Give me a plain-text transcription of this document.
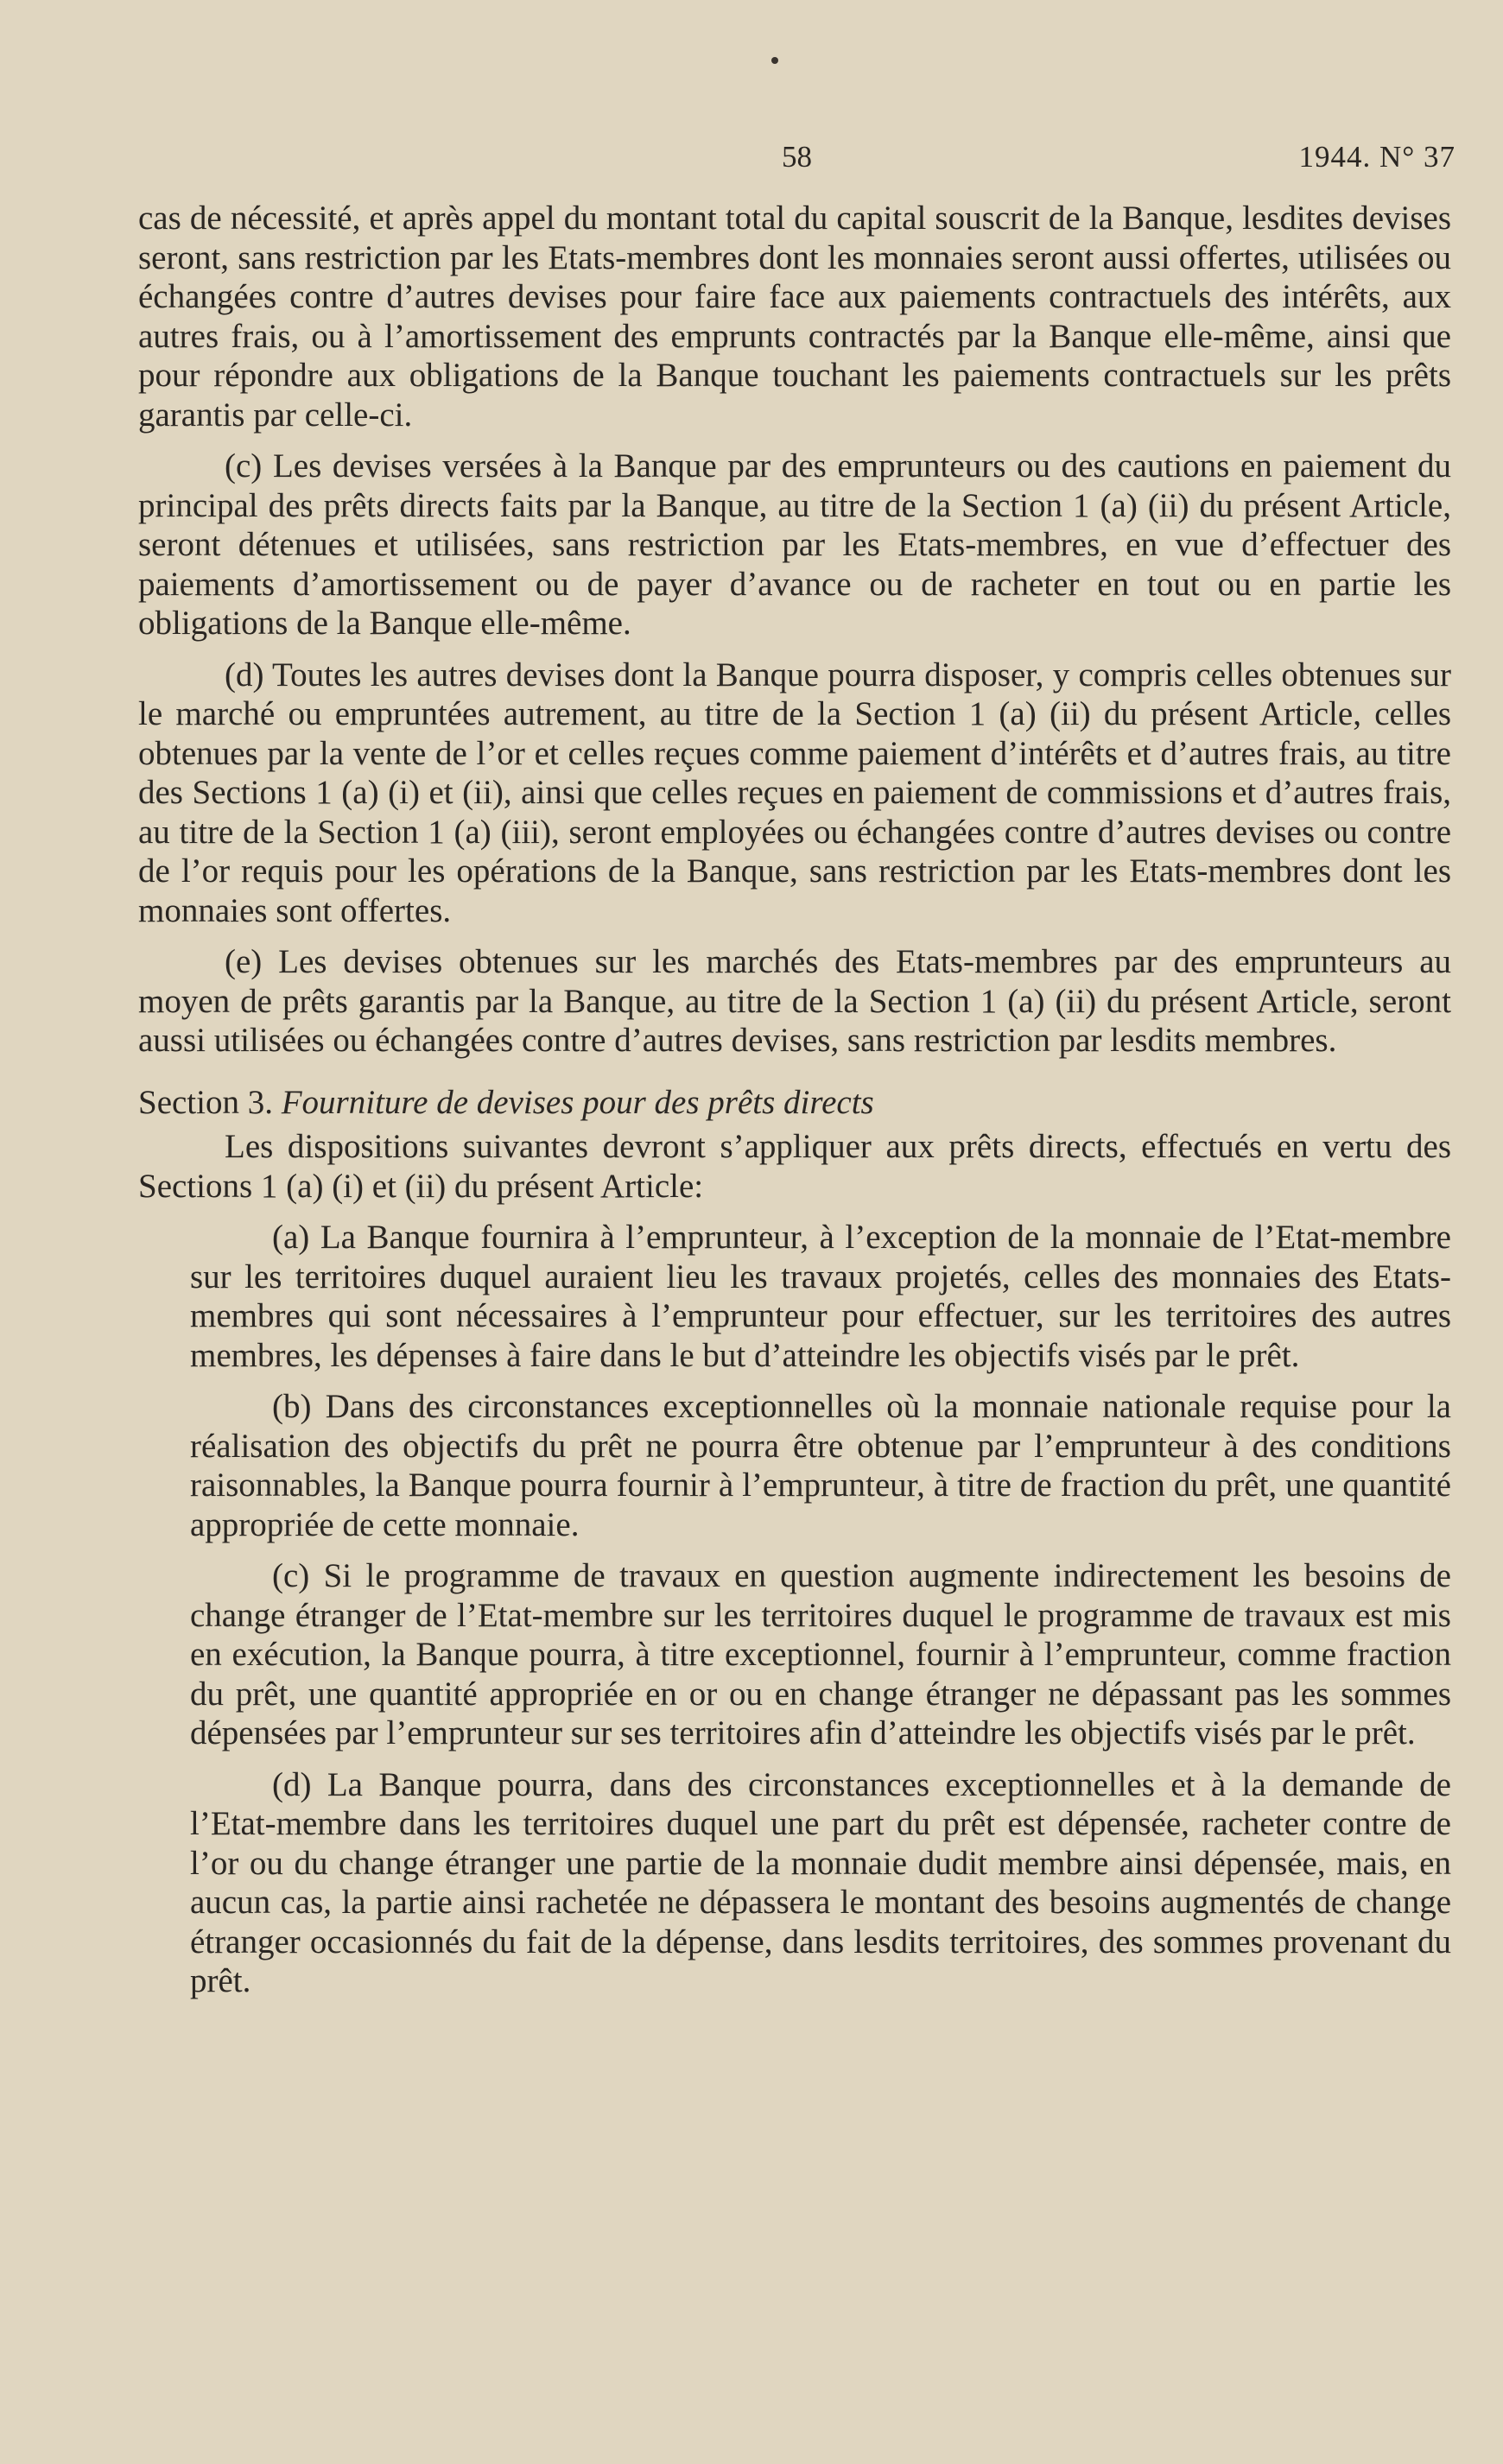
58	1944. N° 37

cas de nécessité, et après appel du montant total du capital souscrit de la Banque, lesdites devises seront, sans restriction par les Etats-membres dont les monnaies seront aussi offertes, utilisées ou échangées contre d’autres devises pour faire face aux paiements contractuels des intérêts, aux autres frais, ou à l’amortissement des emprunts contractés par la Banque elle-même, ainsi que pour répondre aux obligations de la Banque touchant les paiements contractuels sur les prêts garantis par celle-ci.

(c) Les devises versées à la Banque par des emprunteurs ou des cautions en paiement du principal des prêts directs faits par la Banque, au titre de la Section 1 (a) (ii) du présent Article, seront détenues et utilisées, sans restriction par les Etats-membres, en vue d’effectuer des paiements d’amortissement ou de payer d’avance ou de racheter en tout ou en partie les obligations de la Banque elle-même.

(d) Toutes les autres devises dont la Banque pourra disposer, y compris celles obtenues sur le marché ou empruntées autrement, au titre de la Section 1 (a) (ii) du présent Article, celles obtenues par la vente de l’or et celles reçues comme paiement d’intérêts et d’autres frais, au titre des Sections 1 (a) (i) et (ii), ainsi que celles reçues en paiement de commissions et d’autres frais, au titre de la Section 1 (a) (iii), seront employées ou échangées contre d’autres devises ou contre de l’or requis pour les opérations de la Banque, sans restriction par les Etats-membres dont les monnaies sont offertes.

(e) Les devises obtenues sur les marchés des Etats-membres par des emprunteurs au moyen de prêts garantis par la Banque, au titre de la Section 1 (a) (ii) du présent Article, seront aussi utilisées ou échangées contre d’autres devises, sans restriction par lesdits membres.

Section 3. Fourniture de devises pour des prêts directs

Les dispositions suivantes devront s’appliquer aux prêts directs, effectués en vertu des Sections 1 (a) (i) et (ii) du présent Article:

(a) La Banque fournira à l’emprunteur, à l’exception de la monnaie de l’Etat-membre sur les territoires duquel auraient lieu les travaux projetés, celles des monnaies des Etats-membres qui sont nécessaires à l’emprunteur pour effectuer, sur les territoires des autres membres, les dépenses à faire dans le but d’atteindre les objectifs visés par le prêt.

(b) Dans des circonstances exceptionnelles où la monnaie nationale requise pour la réalisation des objectifs du prêt ne pourra être obtenue par l’emprunteur à des conditions raisonnables, la Banque pourra fournir à l’emprunteur, à titre de fraction du prêt, une quantité appropriée de cette monnaie.

(c) Si le programme de travaux en question augmente indirectement les besoins de change étranger de l’Etat-membre sur les territoires duquel le programme de travaux est mis en exécution, la Banque pourra, à titre exceptionnel, fournir à l’emprunteur, comme fraction du prêt, une quantité appropriée en or ou en change étranger ne dépassant pas les sommes dépensées par l’emprunteur sur ses territoires afin d’atteindre les objectifs visés par le prêt.

(d) La Banque pourra, dans des circonstances exceptionnelles et à la demande de l’Etat-membre dans les territoires duquel une part du prêt est dépensée, racheter contre de l’or ou du change étranger une partie de la monnaie dudit membre ainsi dépensée, mais, en aucun cas, la partie ainsi rachetée ne dépassera le montant des besoins augmentés de change étranger occasionnés du fait de la dépense, dans lesdits territoires, des sommes provenant du prêt.
